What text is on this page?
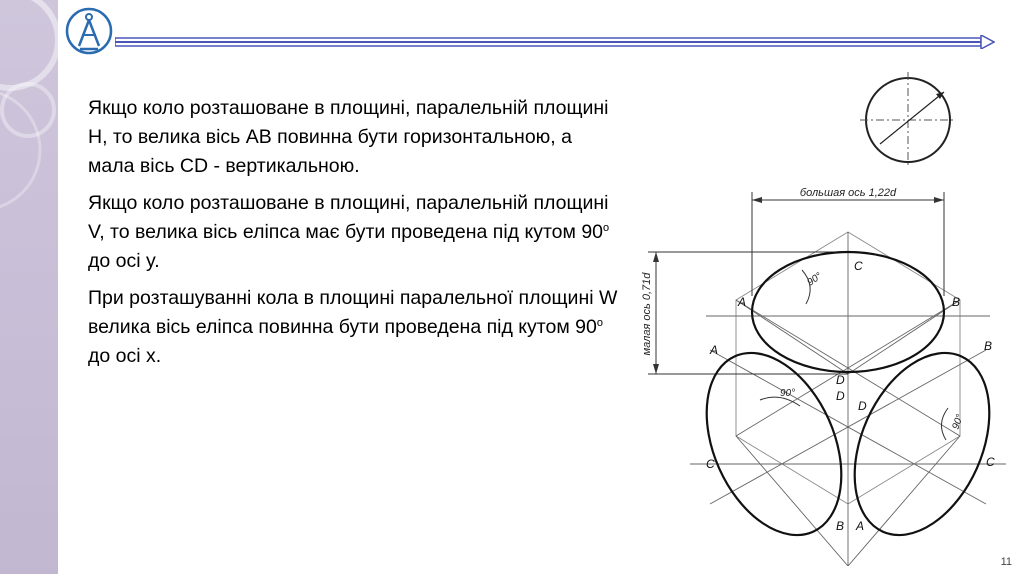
Якщо коло розташоване в площині, паралельній площині H, то велика вісь AB повинна бути горизонтальною, а мала вісь CD - вертикальною.

Якщо коло розташоване в площині, паралельній площині V, то велика вісь еліпса має бути проведена під кутом 90$^o$ до осі y.

При розташуванні кола в площині паралельної площині W велика вісь еліпса повинна бути проведена під кутом 90$^o$ до осі x.

большая ось 1,22d
малая ось 0,71d	90°
90°
90°
A	B
C
D
A	B
C	C
D
D
B A
11
